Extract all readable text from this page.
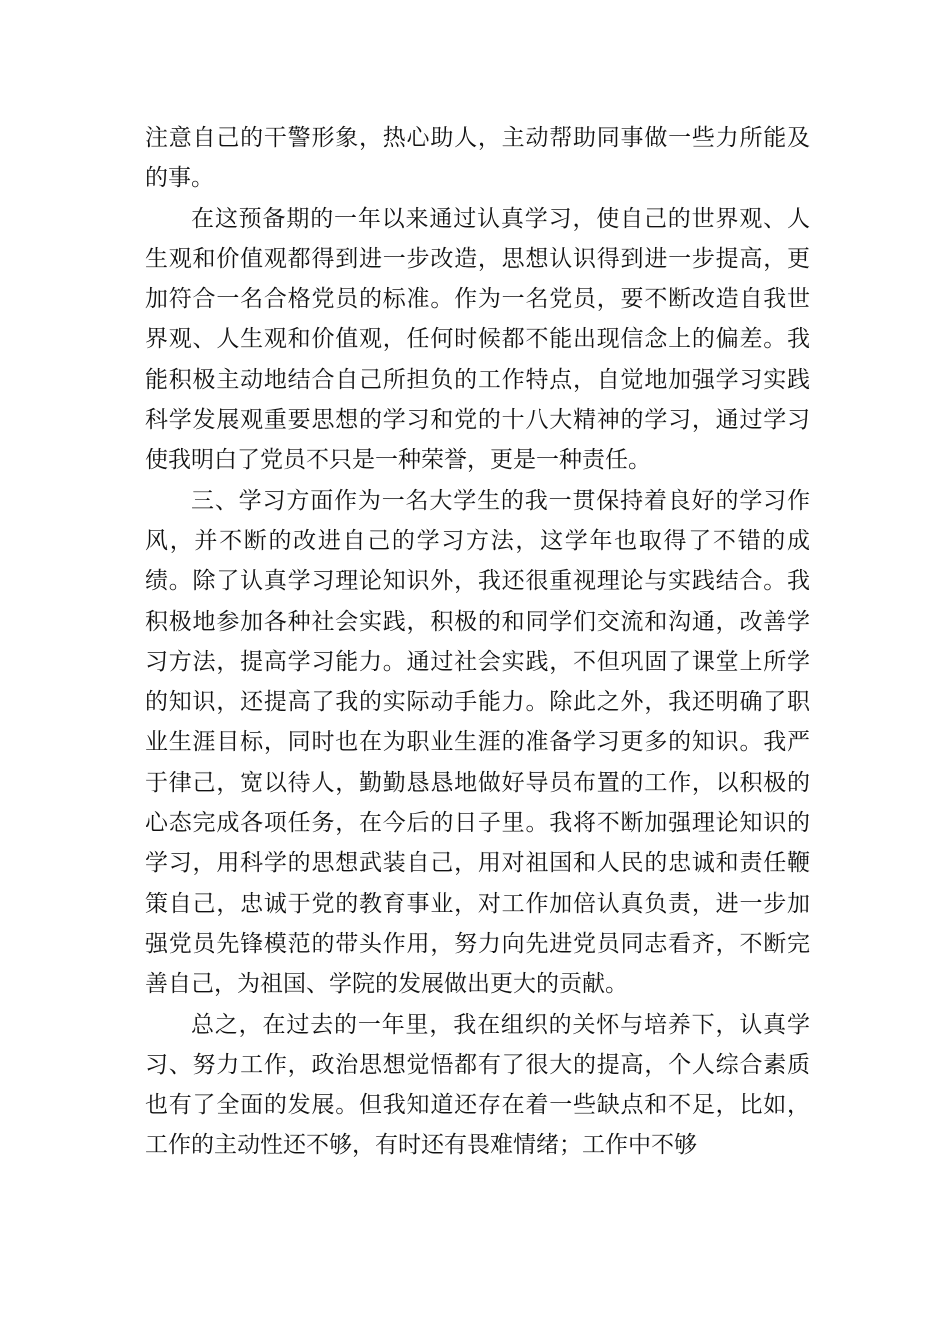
注意自己的干警形象，热心助人，主动帮助同事做一些力所能及的事。

在这预备期的一年以来通过认真学习，使自己的世界观、人生观和价值观都得到进一步改造，思想认识得到进一步提高，更加符合一名合格党员的标准。作为一名党员，要不断改造自我世界观、人生观和价值观，任何时候都不能出现信念上的偏差。我能积极主动地结合自己所担负的工作特点，自觉地加强学习实践科学发展观重要思想的学习和党的十八大精神的学习，通过学习使我明白了党员不只是一种荣誉，更是一种责任。

三、学习方面作为一名大学生的我一贯保持着良好的学习作风，并不断的改进自己的学习方法，这学年也取得了不错的成绩。除了认真学习理论知识外，我还很重视理论与实践结合。我积极地参加各种社会实践，积极的和同学们交流和沟通，改善学习方法，提高学习能力。通过社会实践，不但巩固了课堂上所学的知识，还提高了我的实际动手能力。除此之外，我还明确了职业生涯目标，同时也在为职业生涯的准备学习更多的知识。我严于律己，宽以待人，勤勤恳恳地做好导员布置的工作，以积极的心态完成各项任务，在今后的日子里。我将不断加强理论知识的学习，用科学的思想武装自己，用对祖国和人民的忠诚和责任鞭策自己，忠诚于党的教育事业，对工作加倍认真负责，进一步加强党员先锋模范的带头作用，努力向先进党员同志看齐，不断完善自己，为祖国、学院的发展做出更大的贡献。

总之，在过去的一年里，我在组织的关怀与培养下，认真学习、努力工作，政治思想觉悟都有了很大的提高，个人综合素质也有了全面的发展。但我知道还存在着一些缺点和不足，比如，工作的主动性还不够，有时还有畏难情绪；工作中不够
